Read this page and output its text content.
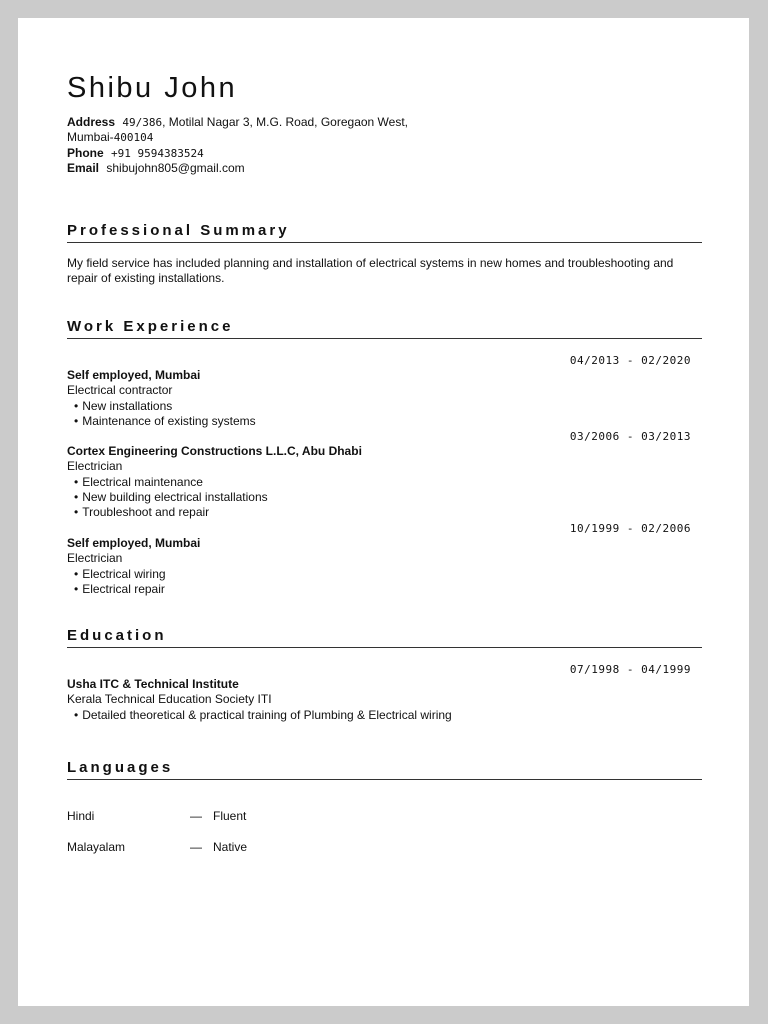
Shibu John
Address 49/386, Motilal Nagar 3, M.G. Road, Goregaon West,
Mumbai-400104
Phone +91 9594383524
Email shibujohn805@gmail.com
Professional Summary
My field service has included planning and installation of electrical systems in new homes and troubleshooting and repair of existing installations.
Work Experience
04/2013 - 02/2020
Self employed, Mumbai
Electrical contractor
• New installations
• Maintenance of existing systems
03/2006 - 03/2013
Cortex Engineering Constructions L.L.C, Abu Dhabi
Electrician
• Electrical maintenance
• New building electrical installations
• Troubleshoot and repair
10/1999 - 02/2006
Self employed, Mumbai
Electrician
• Electrical wiring
• Electrical repair
Education
07/1998 - 04/1999
Usha ITC & Technical Institute
Kerala Technical Education Society ITI
• Detailed theoretical & practical training of Plumbing & Electrical wiring
Languages
Hindi	— Fluent
Malayalam	— Native
